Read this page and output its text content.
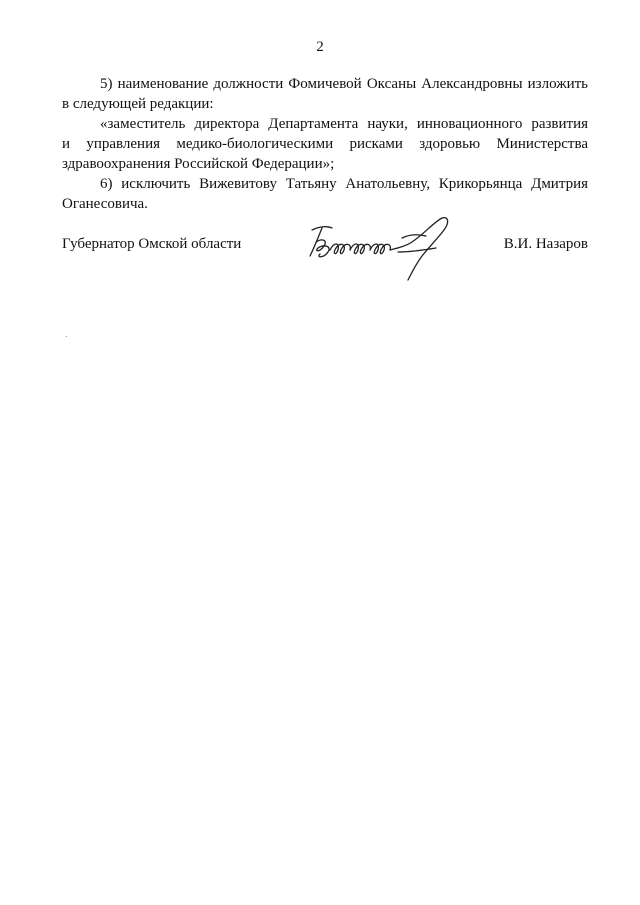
2
5) наименование должности Фомичевой Оксаны Александровны изложить
в следующей редакции:
«заместитель директора Департамента науки, инновационного развития
и управления медико-биологическими рисками здоровью Министерства
здравоохранения Российской Федерации»;
6) исключить Вижевитову Татьяну Анатольевну, Крикорьянца Дмитрия
Оганесовича.
Губернатор Омской области	В.И. Назаров
